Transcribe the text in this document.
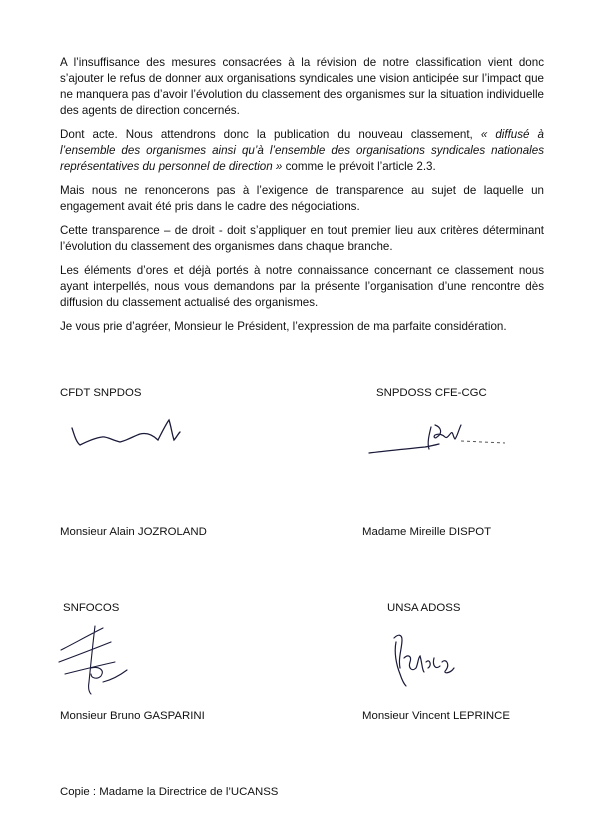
A l’insuffisance des mesures consacrées à la révision de notre classification vient donc s’ajouter le refus de donner aux organisations syndicales une vision anticipée sur l’impact que ne manquera pas d’avoir l’évolution du classement des organismes sur la situation individuelle des agents de direction concernés.

Dont acte. Nous attendrons donc la publication du nouveau classement, « diffusé à l’ensemble des organismes ainsi qu’à l’ensemble des organisations syndicales nationales représentatives du personnel de direction » comme le prévoit l’article 2.3.

Mais nous ne renoncerons pas à l’exigence de transparence au sujet de laquelle un engagement avait été pris dans le cadre des négociations.

Cette transparence – de droit - doit s’appliquer en tout premier lieu aux critères déterminant l’évolution du classement des organismes dans chaque branche.

Les éléments d’ores et déjà portés à notre connaissance concernant ce classement nous ayant interpellés, nous vous demandons par la présente l’organisation d’une rencontre dès diffusion du classement actualisé des organismes.

Je vous prie d’agréer, Monsieur le Président, l’expression de ma parfaite considération.

CFDT SNPDOS
Monsieur Alain JOZROLAND
SNPDOSS CFE-CGC
Madame Mireille DISPOT
SNFOCOS
Monsieur Bruno GASPARINI
UNSA ADOSS
Monsieur Vincent LEPRINCE
Copie : Madame la Directrice de l’UCANSS
